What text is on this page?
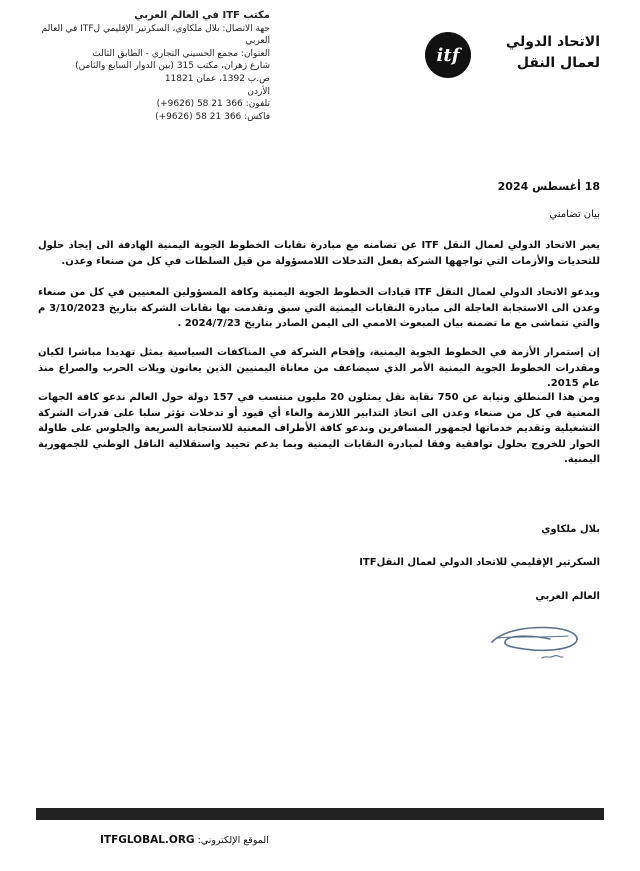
مكتب ITF في العالم العربي
جهة الاتصال: بلال ملكاوي، السكرتير الإقليمي لITF في العالم العربي
العنوان: مجمع الحسيني التجاري - الطابق الثالث
شارع زهران، مكتب 315 (بين الدوار السابع والثامن)
ص.ب 1392، عمان 11821
الأردن
تلفون: 366 21 58 (9626+)
فاكس: 366 21 58 (9626+)
itf
الاتحاد الدولي
لعمال النقل
18 أغسطس 2024
بيان تضامني
يعبر الاتحاد الدولي لعمال النقل ITF عن تضامنه مع مبادرة نقابات الخطوط الجوية اليمنية الهادفة الى إيجاد حلول للتحديات والأزمات التي تواجهها الشركة بفعل التدخلات اللامسؤولة من قبل السلطات في كل من صنعاء وعدن.
ويدعو الاتحاد الدولي لعمال النقل ITF قيادات الخطوط الجوية اليمنية وكافة المسؤولين المعنيين في كل من صنعاء وعدن الى الاستجابة العاجلة الى مبادرة النقابات اليمنية التي سبق وتقدمت بها نقابات الشركة بتاريخ 3/10/2023 م والتي تتماشى مع ما تضمنه بيان المبعوث الاممي الى اليمن الصادر بتاريخ 2024/7/23 .
إن إستمرار الأزمة في الخطوط الجوية اليمنية، وإقحام الشركة في المناكفات السياسية يمثل تهديدا مباشرا لكيان ومقدرات الخطوط الجوية اليمنية الأمر الذي سيضاعف من معاناة اليمنيين الذين يعانون ويلات الحرب والصراع منذ عام 2015.
ومن هذا المنطلق ونيابة عن 750 نقابة نقل يمثلون 20 مليون منتسب في 157 دولة حول العالم ندعو كافة الجهات المعنية في كل من صنعاء وعدن الى اتخاذ التدابير اللازمة والغاء أي قيود أو تدخلات تؤثر سلبا على قدرات الشركة التشغيلية وتقديم خدماتها لجمهور المسافرين وندعو كافة الأطراف المعنية للاستجابة السريعة والجلوس على طاولة الحوار للخروج بحلول توافقية وفقا لمبادرة النقابات اليمنية وبما يدعم تحييد واستقلالية الناقل الوطني للجمهورية اليمنية.
بلال ملكاوي
السكرتير الإقليمي للاتحاد الدولي لعمال النقلITF
العالم العربي
ITFGLOBAL.ORG الموقع الإلكتروني:
